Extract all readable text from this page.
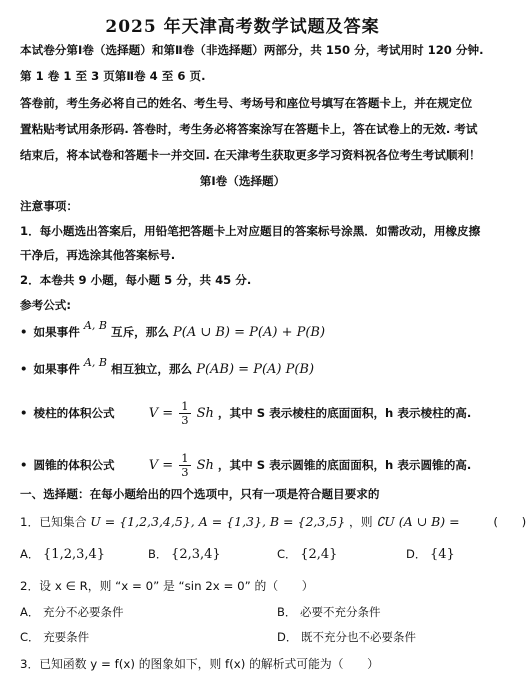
2025 年天津高考数学试题及答案
本试卷分第Ⅰ卷（选择题）和第Ⅱ卷（非选择题）两部分，共 150 分，考试用时 120 分钟.
第 1 卷 1 至 3 页第Ⅱ卷 4 至 6 页.
答卷前，考生务必将自己的姓名、考生号、考场号和座位号填写在答题卡上，并在规定位
置粘贴考试用条形码. 答卷时，考生务必将答案涂写在答题卡上，答在试卷上的无效. 考试
结束后，将本试卷和答题卡一并交回. 在天津考生获取更多学习资料祝各位考生考试顺利！
第Ⅰ卷（选择题）
注意事项：
1．每小题选出答案后，用铅笔把答题卡上对应题目的答案标号涂黑．如需改动，用橡皮擦
干净后，再选涂其他答案标号.
2．本卷共 9 小题，每小题 5 分，共 45 分.
参考公式:
• 如果事件 A, B 互斥，那么 P(A ∪ B) = P(A) + P(B)
• 如果事件 A, B 相互独立，那么 P(AB) = P(A) P(B)
• 棱柱的体积公式	$V = \frac{1}{3}$ Sh ，其中 S 表示棱柱的底面面积，h 表示棱柱的高.
• 圆锥的体积公式	$V = \frac{1}{3}$ Sh ，其中 S 表示圆锥的底面面积，h 表示圆锥的高.
一、选择题：在每小题给出的四个选项中，只有一项是符合题目要求的
1．已知集合 U = {1,2,3,4,5}, A = {1,3}, B = {2,3,5} ，则 ∁U (A ∪ B) =	(　　)
A． {1,2,3,4}	B． {2,3,4}	C． {2,4}	D． {4}
2．设 x ∈ R，则 “x = 0” 是 “sin 2x = 0” 的（　　）
A． 充分不必要条件	B． 必要不充分条件
C． 充要条件	D． 既不充分也不必要条件
3．已知函数 y = f(x) 的图象如下，则 f(x) 的解析式可能为（　　）
